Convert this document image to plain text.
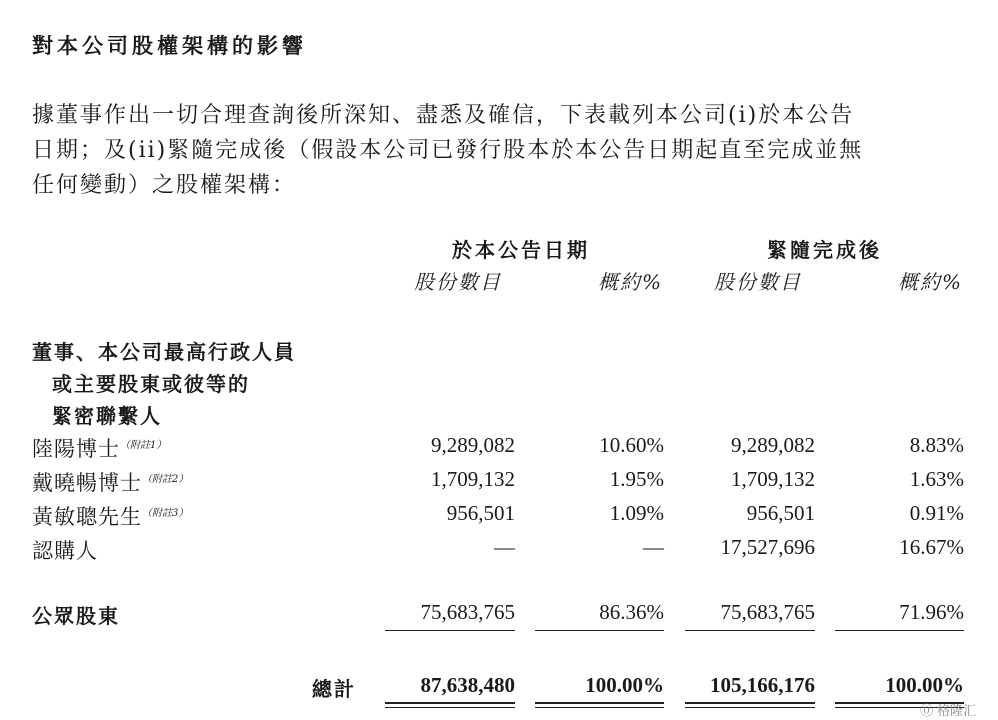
對本公司股權架構的影響
據董事作出一切合理查詢後所深知、盡悉及確信，下表載列本公司(i)於本公告
日期；及(ii)緊隨完成後（假設本公司已發行股本於本公告日期起直至完成並無
任何變動）之股權架構：
於本公告日期	緊隨完成後
股份數目	概約%	股份數目	概約%
董事、本公司最高行政人員
或主要股東或彼等的
緊密聯繫人
陸陽博士$^{(附註1)}$	9,289,082	10.60%	9,289,082	8.83%
戴曉暢博士$^{(附註2)}$	1,709,132	1.95%	1,709,132	1.63%
黃敏聰先生$^{(附註3)}$	956,501	1.09%	956,501	0.91%
認購人	—	—	17,527,696	16.67%
公眾股東	75,683,765	86.36%	75,683,765	71.96%
總計	87,638,480	100.00%	105,166,176	100.00%
⓪ 格隆汇
